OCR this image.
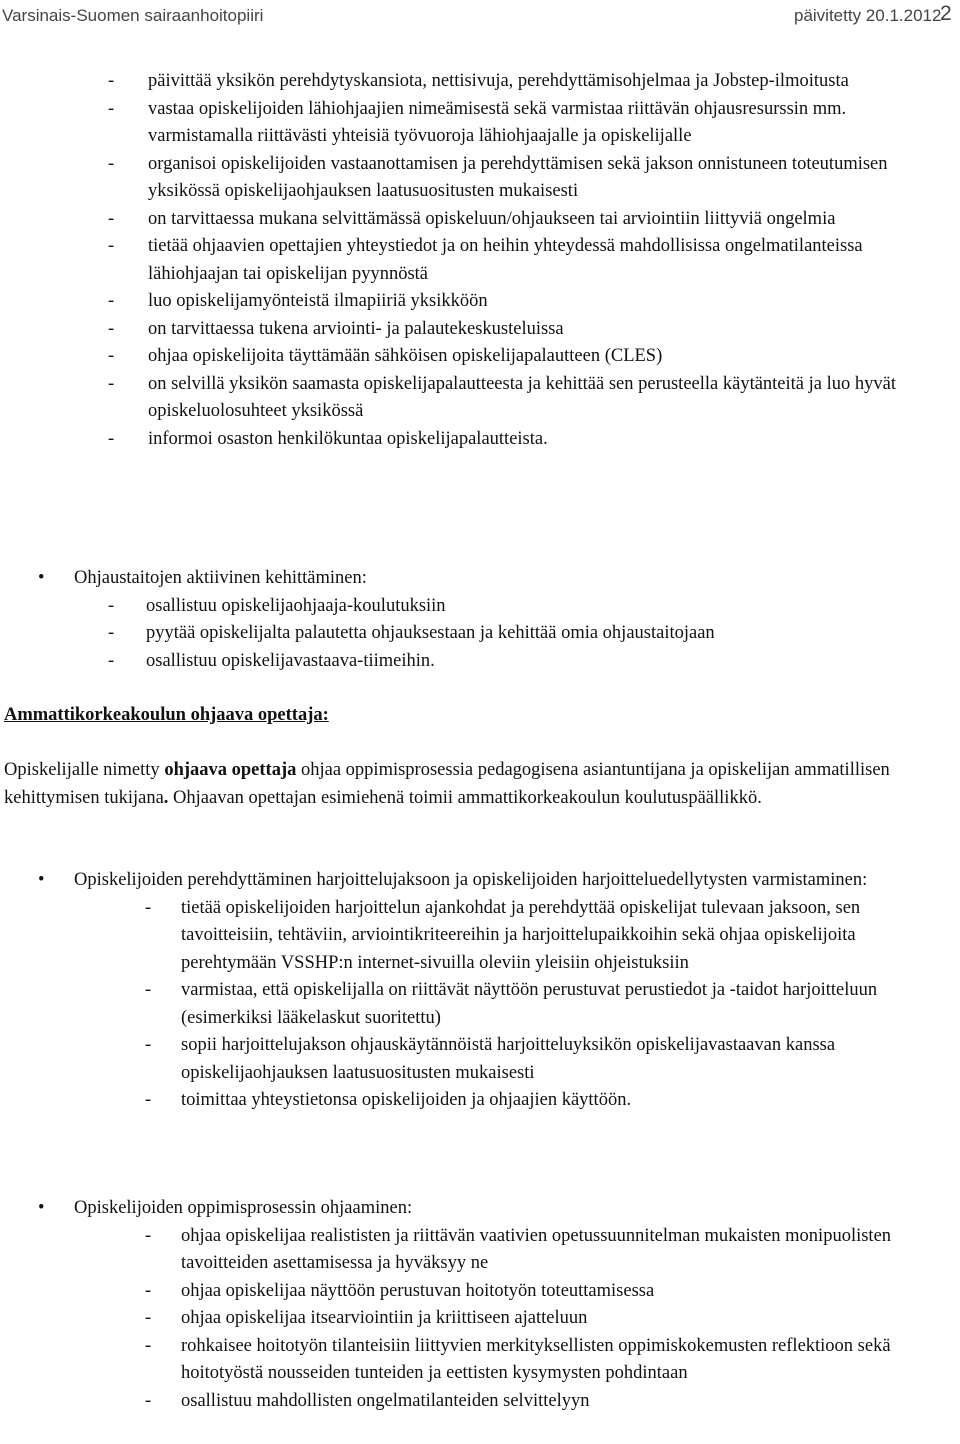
Varsinais-Suomen sairaanhoitopiiri	päivitetty 20.1.2012
2
-	päivittää yksikön perehdytyskansiota, nettisivuja, perehdyttämisohjelmaa ja Jobstep-ilmoitusta
-	vastaa opiskelijoiden lähiohjaajien nimeämisestä sekä varmistaa riittävän ohjausresurssin mm. varmistamalla riittävästi yhteisiä työvuoroja lähiohjaajalle ja opiskelijalle
-	organisoi opiskelijoiden vastaanottamisen ja perehdyttämisen sekä jakson onnistuneen toteutumisen yksikössä opiskelijaohjauksen laatusuositusten mukaisesti
-	on tarvittaessa mukana selvittämässä opiskeluun/ohjaukseen tai arviointiin liittyviä ongelmia
-	tietää ohjaavien opettajien yhteystiedot ja on heihin yhteydessä mahdollisissa ongelmatilanteissa lähiohjaajan tai opiskelijan pyynnöstä
-	luo opiskelijamyönteistä ilmapiiriä yksikköön
-	on tarvittaessa tukena arviointi- ja palautekeskusteluissa
-	ohjaa opiskelijoita täyttämään sähköisen opiskelijapalautteen (CLES)
-	on selvillä yksikön saamasta opiskelijapalautteesta ja kehittää sen perusteella käytänteitä ja luo hyvät opiskeluolosuhteet yksikössä
-	informoi osaston henkilökuntaa opiskelijapalautteista.
• Ohjaustaitojen aktiivinen kehittäminen:
-	osallistuu opiskelijaohjaaja-koulutuksiin
-	pyytää opiskelijalta palautetta ohjauksestaan ja kehittää omia ohjaustaitojaan
-	osallistuu opiskelijavastaava-tiimeihin.
Ammattikorkeakoulun ohjaava opettaja:
Opiskelijalle nimetty ohjaava opettaja ohjaa oppimisprosessia pedagogisena asiantuntijana ja opiskelijan ammatillisen kehittymisen tukijana. Ohjaavan opettajan esimiehenä toimii ammattikorkeakoulun koulutuspäällikkö.
• Opiskelijoiden perehdyttäminen harjoittelujaksoon ja opiskelijoiden harjoitteluedellytysten varmistaminen:
-	tietää opiskelijoiden harjoittelun ajankohdat ja perehdyttää opiskelijat tulevaan jaksoon, sen tavoitteisiin, tehtäviin, arviointikriteereihin ja harjoittelupaikkoihin sekä ohjaa opiskelijoita perehtymään VSSHP:n internet-sivuilla oleviin yleisiin ohjeistuksiin
-	varmistaa, että opiskelijalla on riittävät näyttöön perustuvat perustiedot ja -taidot harjoitteluun (esimerkiksi lääkelaskut suoritettu)
-	sopii harjoittelujakson ohjauskäytännöistä harjoitteluyksikön opiskelijavastaavan kanssa opiskelijaohjauksen laatusuositusten mukaisesti
-	toimittaa yhteystietonsa opiskelijoiden ja ohjaajien käyttöön.
• Opiskelijoiden oppimisprosessin ohjaaminen:
-	ohjaa opiskelijaa realististen ja riittävän vaativien opetussuunnitelman mukaisten monipuolisten tavoitteiden asettamisessa ja hyväksyy ne
-	ohjaa opiskelijaa näyttöön perustuvan hoitotyön toteuttamisessa
-	ohjaa opiskelijaa itsearviointiin ja kriittiseen ajatteluun
-	rohkaisee hoitotyön tilanteisiin liittyvien merkityksellisten oppimiskokemusten reflektioon sekä hoitotyöstä nousseiden tunteiden ja eettisten kysymysten pohdintaan
-	osallistuu mahdollisten ongelmatilanteiden selvittelyyn
